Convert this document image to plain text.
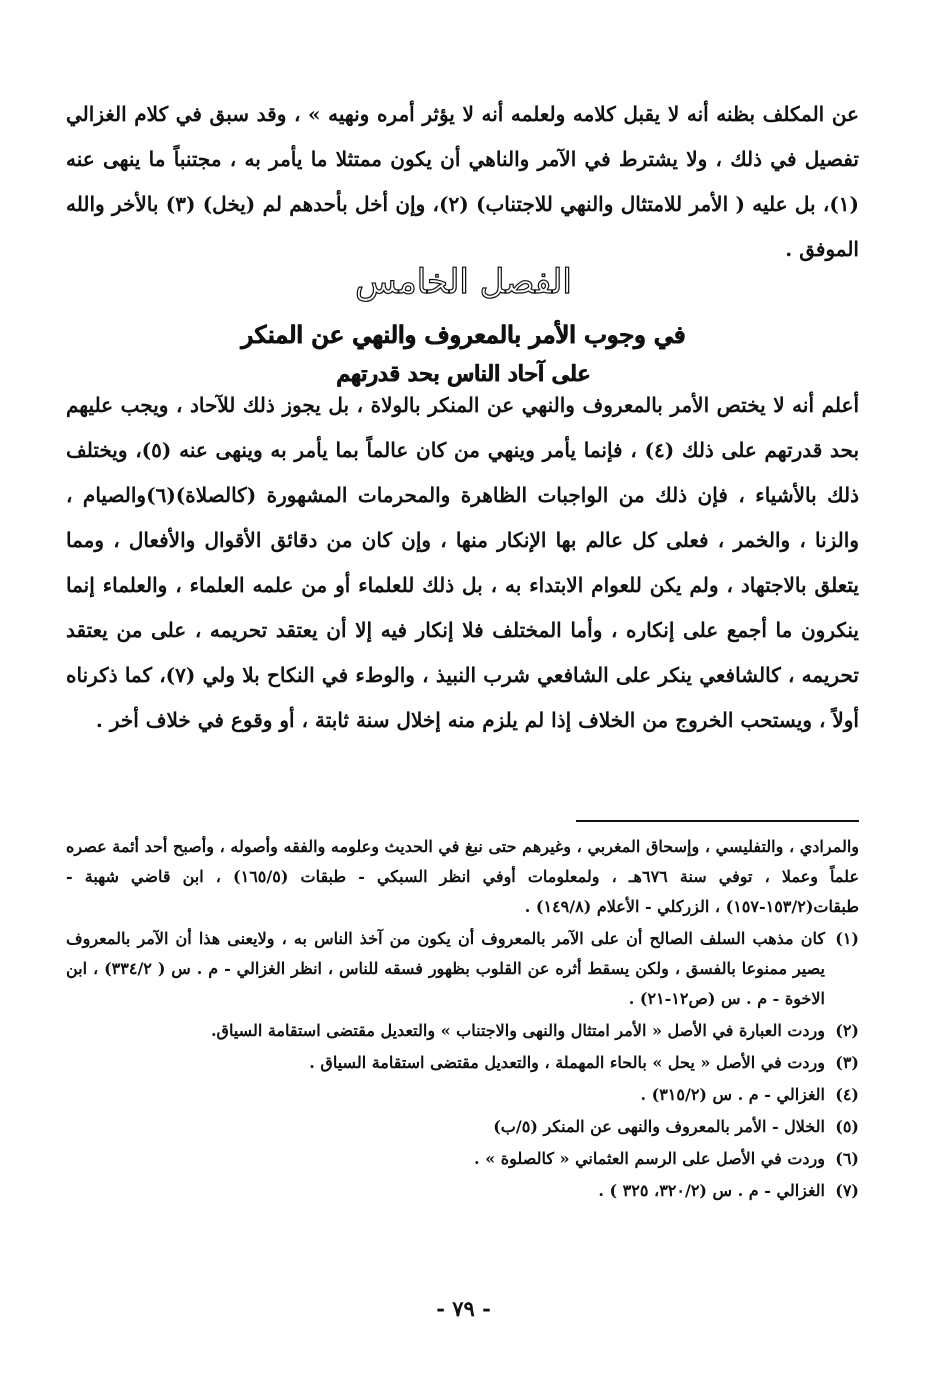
عن المكلف بظنه أنه لا يقبل كلامه ولعلمه أنه لا يؤثر أمره ونهيه » ، وقد سبق في كلام الغزالي تفصيل في ذلك ، ولا يشترط في الآمر والناهي أن يكون ممتثلا ما يأمر به ، مجتنباً ما ينهى عنه (١)، بل عليه ( الأمر للامتثال والنهي للاجتناب) (٢)، وإن أخل بأحدهم لم (يخل) (٣) بالأخر والله الموفق .

الفصل الخامس
في وجوب الأمر بالمعروف والنهي عن المنكر
على آحاد الناس بحد قدرتهم

أعلم أنه لا يختص الأمر بالمعروف والنهي عن المنكر بالولاة ، بل يجوز ذلك للآحاد ، ويجب عليهم بحد قدرتهم على ذلك (٤) ، فإنما يأمر وينهي من كان عالماً بما يأمر به وينهى عنه (٥)، ويختلف ذلك بالأشياء ، فإن ذلك من الواجبات الظاهرة والمحرمات المشهورة (كالصلاة)(٦)والصيام ، والزنا ، والخمر ، فعلى كل عالم بها الإنكار منها ، وإن كان من دقائق الأقوال والأفعال ، ومما يتعلق بالاجتهاد ، ولم يكن للعوام الابتداء به ، بل ذلك للعلماء أو من علمه العلماء ، والعلماء إنما ينكرون ما أجمع على إنكاره ، وأما المختلف فلا إنكار فيه إلا أن يعتقد تحريمه ، على من يعتقد تحريمه ، كالشافعي ينكر على الشافعي شرب النبيذ ، والوطء في النكاح بلا ولي (٧)، كما ذكرناه أولاً ، ويستحب الخروج من الخلاف إذا لم يلزم منه إخلال سنة ثابتة ، أو وقوع في خلاف أخر .

والمرادي ، والتفليسي ، وإسحاق المغربي ، وغيرهم حتى نبغ في الحديث وعلومه والفقه وأصوله ، وأصبح أحد أئمة عصره علماً وعملا ، توفي سنة ٦٧٦هـ ، ولمعلومات أوفي انظر السبكي - طبقات (١٦٥/٥) ، ابن قاضي شهبة - طبقات(١٥٣/٢-١٥٧) ، الزركلي - الأعلام (١٤٩/٨) .
(١)
كان مذهب السلف الصالح أن على الآمر بالمعروف أن يكون من آخذ الناس به ، ولايعنى هذا أن الآمر بالمعروف يصير ممنوعا بالفسق ، ولكن يسقط أثره عن القلوب بظهور فسقه للناس ، انظر الغزالي - م . س ( ٣٣٤/٢) ، ابن الاخوة - م . س (ص١٢-٢١) .
(٢)
وردت العبارة في الأصل « الأمر امتثال والنهى والاجتناب » والتعديل مقتضى استقامة السياق.
(٣)
وردت في الأصل « يحل » بالحاء المهملة ، والتعديل مقتضى استقامة السياق .
(٤)
الغزالي - م . س (٣١٥/٢) .
(٥)
الخلال - الأمر بالمعروف والنهى عن المنكر (٥/ب)
(٦)
وردت في الأصل على الرسم العثماني « كالصلوة » .
(٧)
الغزالي - م . س (٣٢٠/٢، ٣٢٥ ) .
- ٧٩ -
